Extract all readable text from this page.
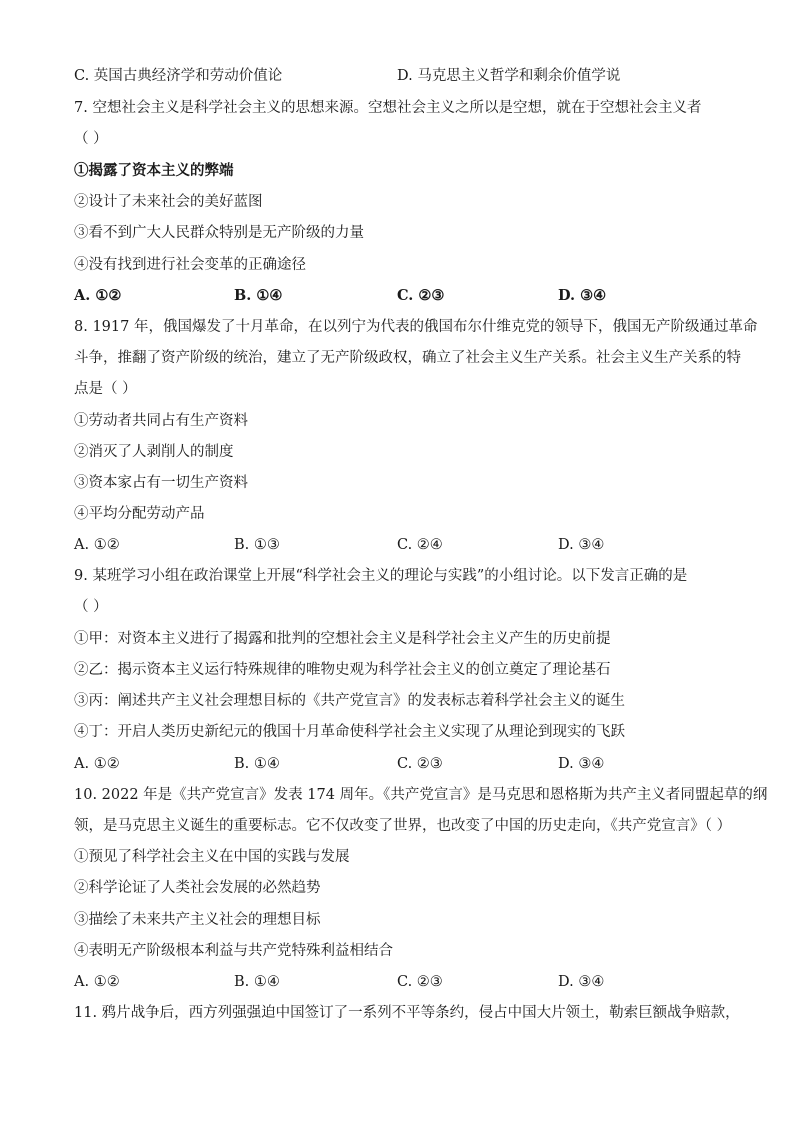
C. 英国古典经济学和劳动价值论	D. 马克思主义哲学和剩余价值学说
7. 空想社会主义是科学社会主义的思想来源。空想社会主义之所以是空想，就在于空想社会主义者
（ ）
①揭露了资本主义的弊端
②设计了未来社会的美好蓝图
③看不到广大人民群众特别是无产阶级的力量
④没有找到进行社会变革的正确途径
A. ①②	B. ①④	C. ②③	D. ③④
8. 1917 年，俄国爆发了十月革命，在以列宁为代表的俄国布尔什维克党的领导下，俄国无产阶级通过革命
斗争，推翻了资产阶级的统治，建立了无产阶级政权，确立了社会主义生产关系。社会主义生产关系的特
点是（ ）
①劳动者共同占有生产资料
②消灭了人剥削人的制度
③资本家占有一切生产资料
④平均分配劳动产品
A. ①②	B. ①③	C. ②④	D. ③④
9. 某班学习小组在政治课堂上开展“科学社会主义的理论与实践”的小组讨论。以下发言正确的是
（ ）
①甲：对资本主义进行了揭露和批判的空想社会主义是科学社会主义产生的历史前提
②乙：揭示资本主义运行特殊规律的唯物史观为科学社会主义的创立奠定了理论基石
③丙：阐述共产主义社会理想目标的《共产党宣言》的发表标志着科学社会主义的诞生
④丁：开启人类历史新纪元的俄国十月革命使科学社会主义实现了从理论到现实的飞跃
A. ①②	B. ①④	C. ②③	D. ③④
10. 2022 年是《共产党宣言》发表 174 周年。《共产党宣言》是马克思和恩格斯为共产主义者同盟起草的纲
领，是马克思主义诞生的重要标志。它不仅改变了世界，也改变了中国的历史走向，《共产党宣言》（ ）
①预见了科学社会主义在中国的实践与发展
②科学论证了人类社会发展的必然趋势
③描绘了未来共产主义社会的理想目标
④表明无产阶级根本利益与共产党特殊利益相结合
A. ①②	B. ①④	C. ②③	D. ③④
11. 鸦片战争后，西方列强强迫中国签订了一系列不平等条约，侵占中国大片领土，勒索巨额战争赔款，
